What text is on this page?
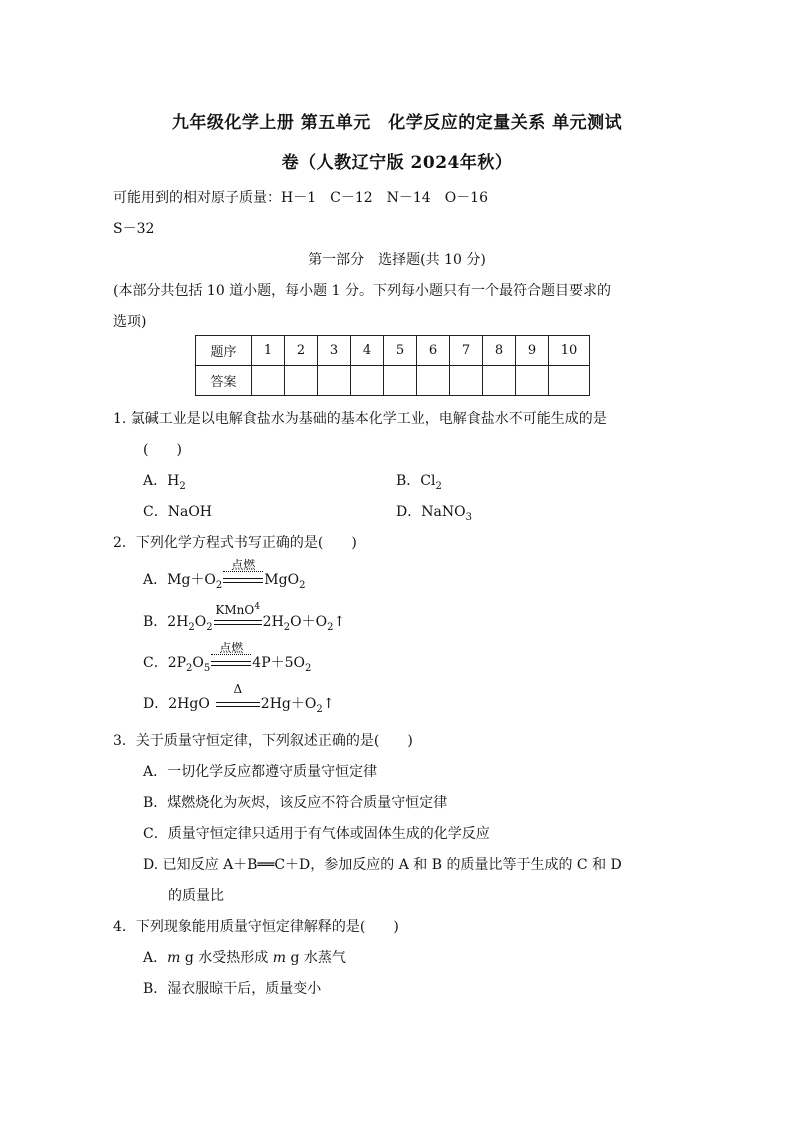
九年级化学上册 第五单元　化学反应的定量关系 单元测试
卷（人教辽宁版 2024年秋）
可能用到的相对原子质量：H－1　C－12　N－14　O－16
S－32
第一部分　选择题(共 10 分)
(本部分共包括 10 道小题，每小题 1 分。下列每小题只有一个最符合题目要求的
选项)
题序	1	2	3	4	5	6	7	8	9	10
答案										
1. 氯碱工业是以电解食盐水为基础的基本化学工业，电解食盐水不可能生成的是
(　　)
A．$H_2$	B．$Cl_2$
C．NaOH	D．NaNO$_3$
2．下列化学方程式书写正确的是(　　)
A．$Mg+O_2$
点燃
MgO$_2$
B．$2H_2O_2$
KMnO$^4$
$2H_2O+O_2↑$
C．$2P_2O_5$
点燃
$4P+5O_2$
D．2HgO
Δ
$2Hg+O_2↑$
3．关于质量守恒定律，下列叙述正确的是(　　)
A．一切化学反应都遵守质量守恒定律
B．煤燃烧化为灰烬，该反应不符合质量守恒定律
C．质量守恒定律只适用于有气体或固体生成的化学反应
D. 已知反应 A＋B══C＋D，参加反应的 A 和 B 的质量比等于生成的 C 和 D
的质量比
4．下列现象能用质量守恒定律解释的是(　　)
A．m g 水受热形成 m g 水蒸气
B．湿衣服晾干后，质量变小
